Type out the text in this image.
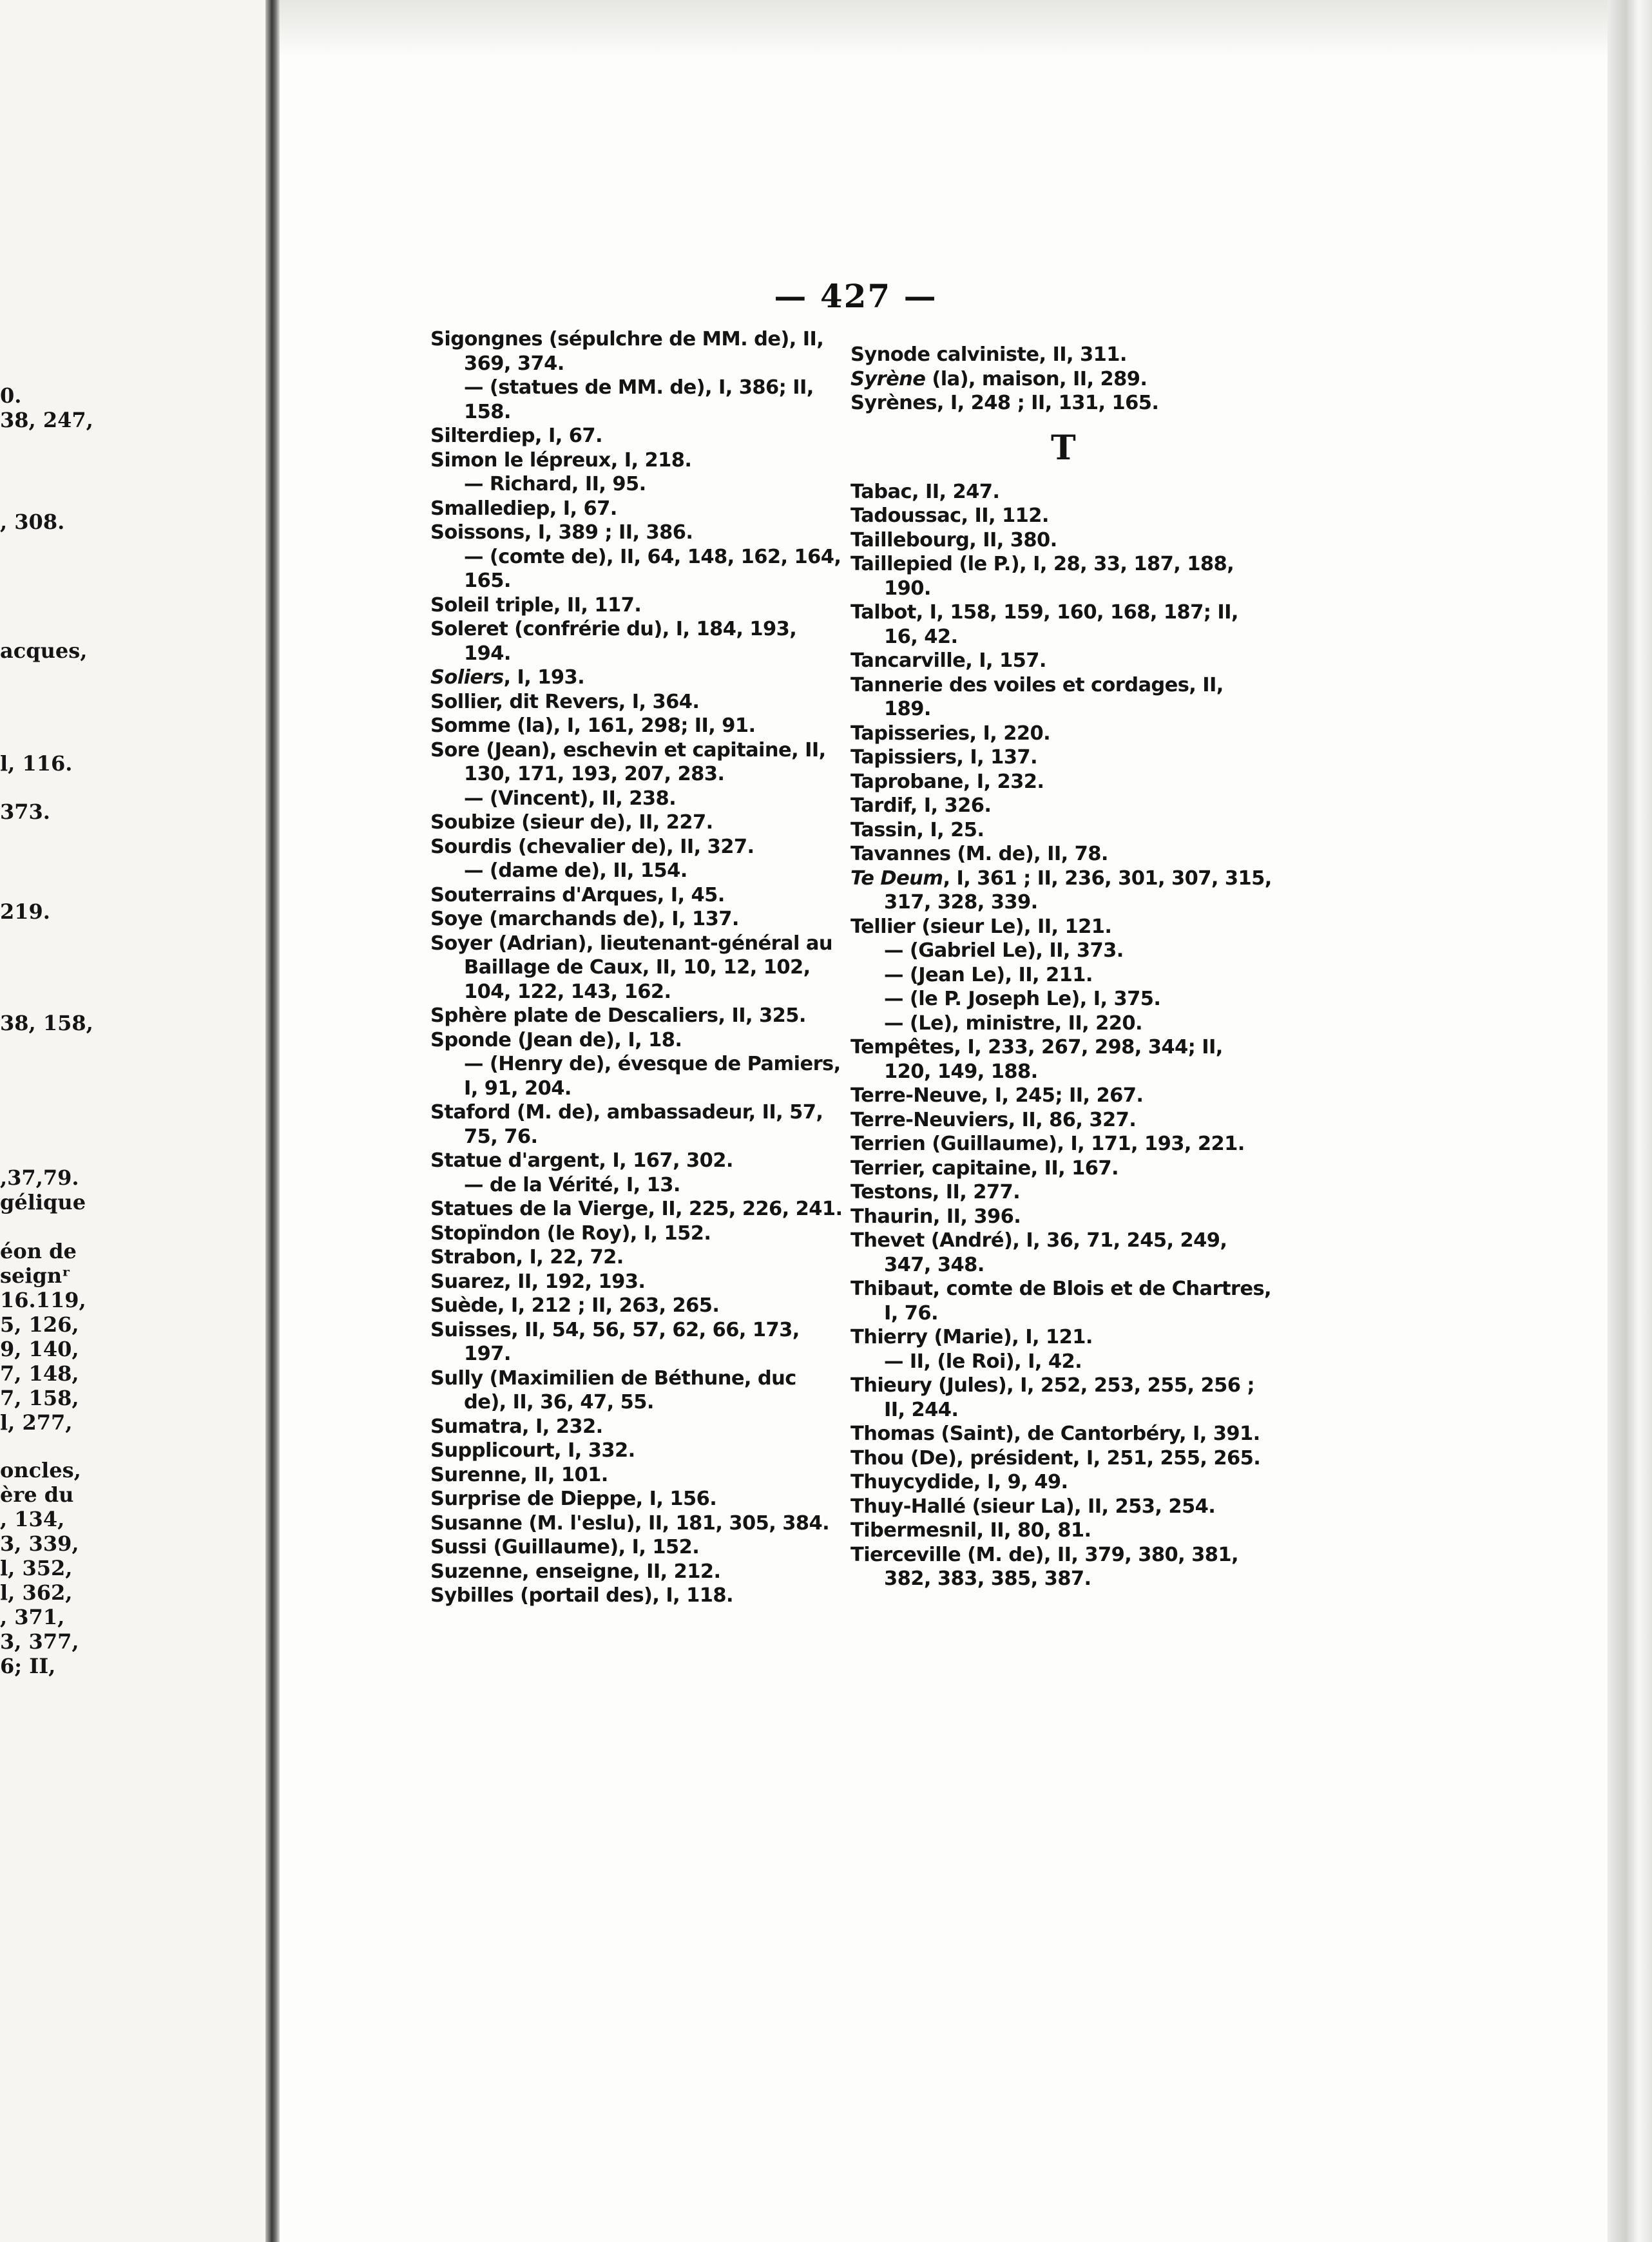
0.
38, 247,
, 308.
acques,
l, 116.
373.
219.
38, 158,
,37,79.
gélique
éon de
seignʳ
16.119,
5, 126,
9, 140,
7, 148,
7, 158,
l, 277,
oncles,
ère du
, 134,
3, 339,
l, 352,
l, 362,
, 371,
3, 377,
6; II,
— 427 —
Sigongnes (sépulchre de MM. de), II, 369, 374.
— (statues de MM. de), I, 386; II, 158.
Silterdiep, I, 67.
Simon le lépreux, I, 218.
— Richard, II, 95.
Smallediep, I, 67.
Soissons, I, 389 ; II, 386.
— (comte de), II, 64, 148, 162, 164, 165.
Soleil triple, II, 117.
Soleret (confrérie du), I, 184, 193, 194.
Soliers, I, 193.
Sollier, dit Revers, I, 364.
Somme (la), I, 161, 298; II, 91.
Sore (Jean), eschevin et capitaine, II, 130, 171, 193, 207, 283.
— (Vincent), II, 238.
Soubize (sieur de), II, 227.
Sourdis (chevalier de), II, 327.
— (dame de), II, 154.
Souterrains d'Arques, I, 45.
Soye (marchands de), I, 137.
Soyer (Adrian), lieutenant-général au Baillage de Caux, II, 10, 12, 102, 104, 122, 143, 162.
Sphère plate de Descaliers, II, 325.
Sponde (Jean de), I, 18.
— (Henry de), évesque de Pamiers, I, 91, 204.
Staford (M. de), ambassadeur, II, 57, 75, 76.
Statue d'argent, I, 167, 302.
— de la Vérité, I, 13.
Statues de la Vierge, II, 225, 226, 241.
Stopïndon (le Roy), I, 152.
Strabon, I, 22, 72.
Suarez, II, 192, 193.
Suède, I, 212 ; II, 263, 265.
Suisses, II, 54, 56, 57, 62, 66, 173, 197.
Sully (Maximilien de Béthune, duc de), II, 36, 47, 55.
Sumatra, I, 232.
Supplicourt, I, 332.
Surenne, II, 101.
Surprise de Dieppe, I, 156.
Susanne (M. l'eslu), II, 181, 305, 384.
Sussi (Guillaume), I, 152.
Suzenne, enseigne, II, 212.
Sybilles (portail des), I, 118.
Synode calviniste, II, 311.
Syrène (la), maison, II, 289.
Syrènes, I, 248 ; II, 131, 165.
T
Tabac, II, 247.
Tadoussac, II, 112.
Taillebourg, II, 380.
Taillepied (le P.), I, 28, 33, 187, 188, 190.
Talbot, I, 158, 159, 160, 168, 187; II, 16, 42.
Tancarville, I, 157.
Tannerie des voiles et cordages, II, 189.
Tapisseries, I, 220.
Tapissiers, I, 137.
Taprobane, I, 232.
Tardif, I, 326.
Tassin, I, 25.
Tavannes (M. de), II, 78.
Te Deum, I, 361 ; II, 236, 301, 307, 315, 317, 328, 339.
Tellier (sieur Le), II, 121.
— (Gabriel Le), II, 373.
— (Jean Le), II, 211.
— (le P. Joseph Le), I, 375.
— (Le), ministre, II, 220.
Tempêtes, I, 233, 267, 298, 344; II, 120, 149, 188.
Terre-Neuve, I, 245; II, 267.
Terre-Neuviers, II, 86, 327.
Terrien (Guillaume), I, 171, 193, 221.
Terrier, capitaine, II, 167.
Testons, II, 277.
Thaurin, II, 396.
Thevet (André), I, 36, 71, 245, 249, 347, 348.
Thibaut, comte de Blois et de Chartres, I, 76.
Thierry (Marie), I, 121.
— II, (le Roi), I, 42.
Thieury (Jules), I, 252, 253, 255, 256 ; II, 244.
Thomas (Saint), de Cantorbéry, I, 391.
Thou (De), président, I, 251, 255, 265.
Thuycydide, I, 9, 49.
Thuy-Hallé (sieur La), II, 253, 254.
Tibermesnil, II, 80, 81.
Tierceville (M. de), II, 379, 380, 381, 382, 383, 385, 387.
